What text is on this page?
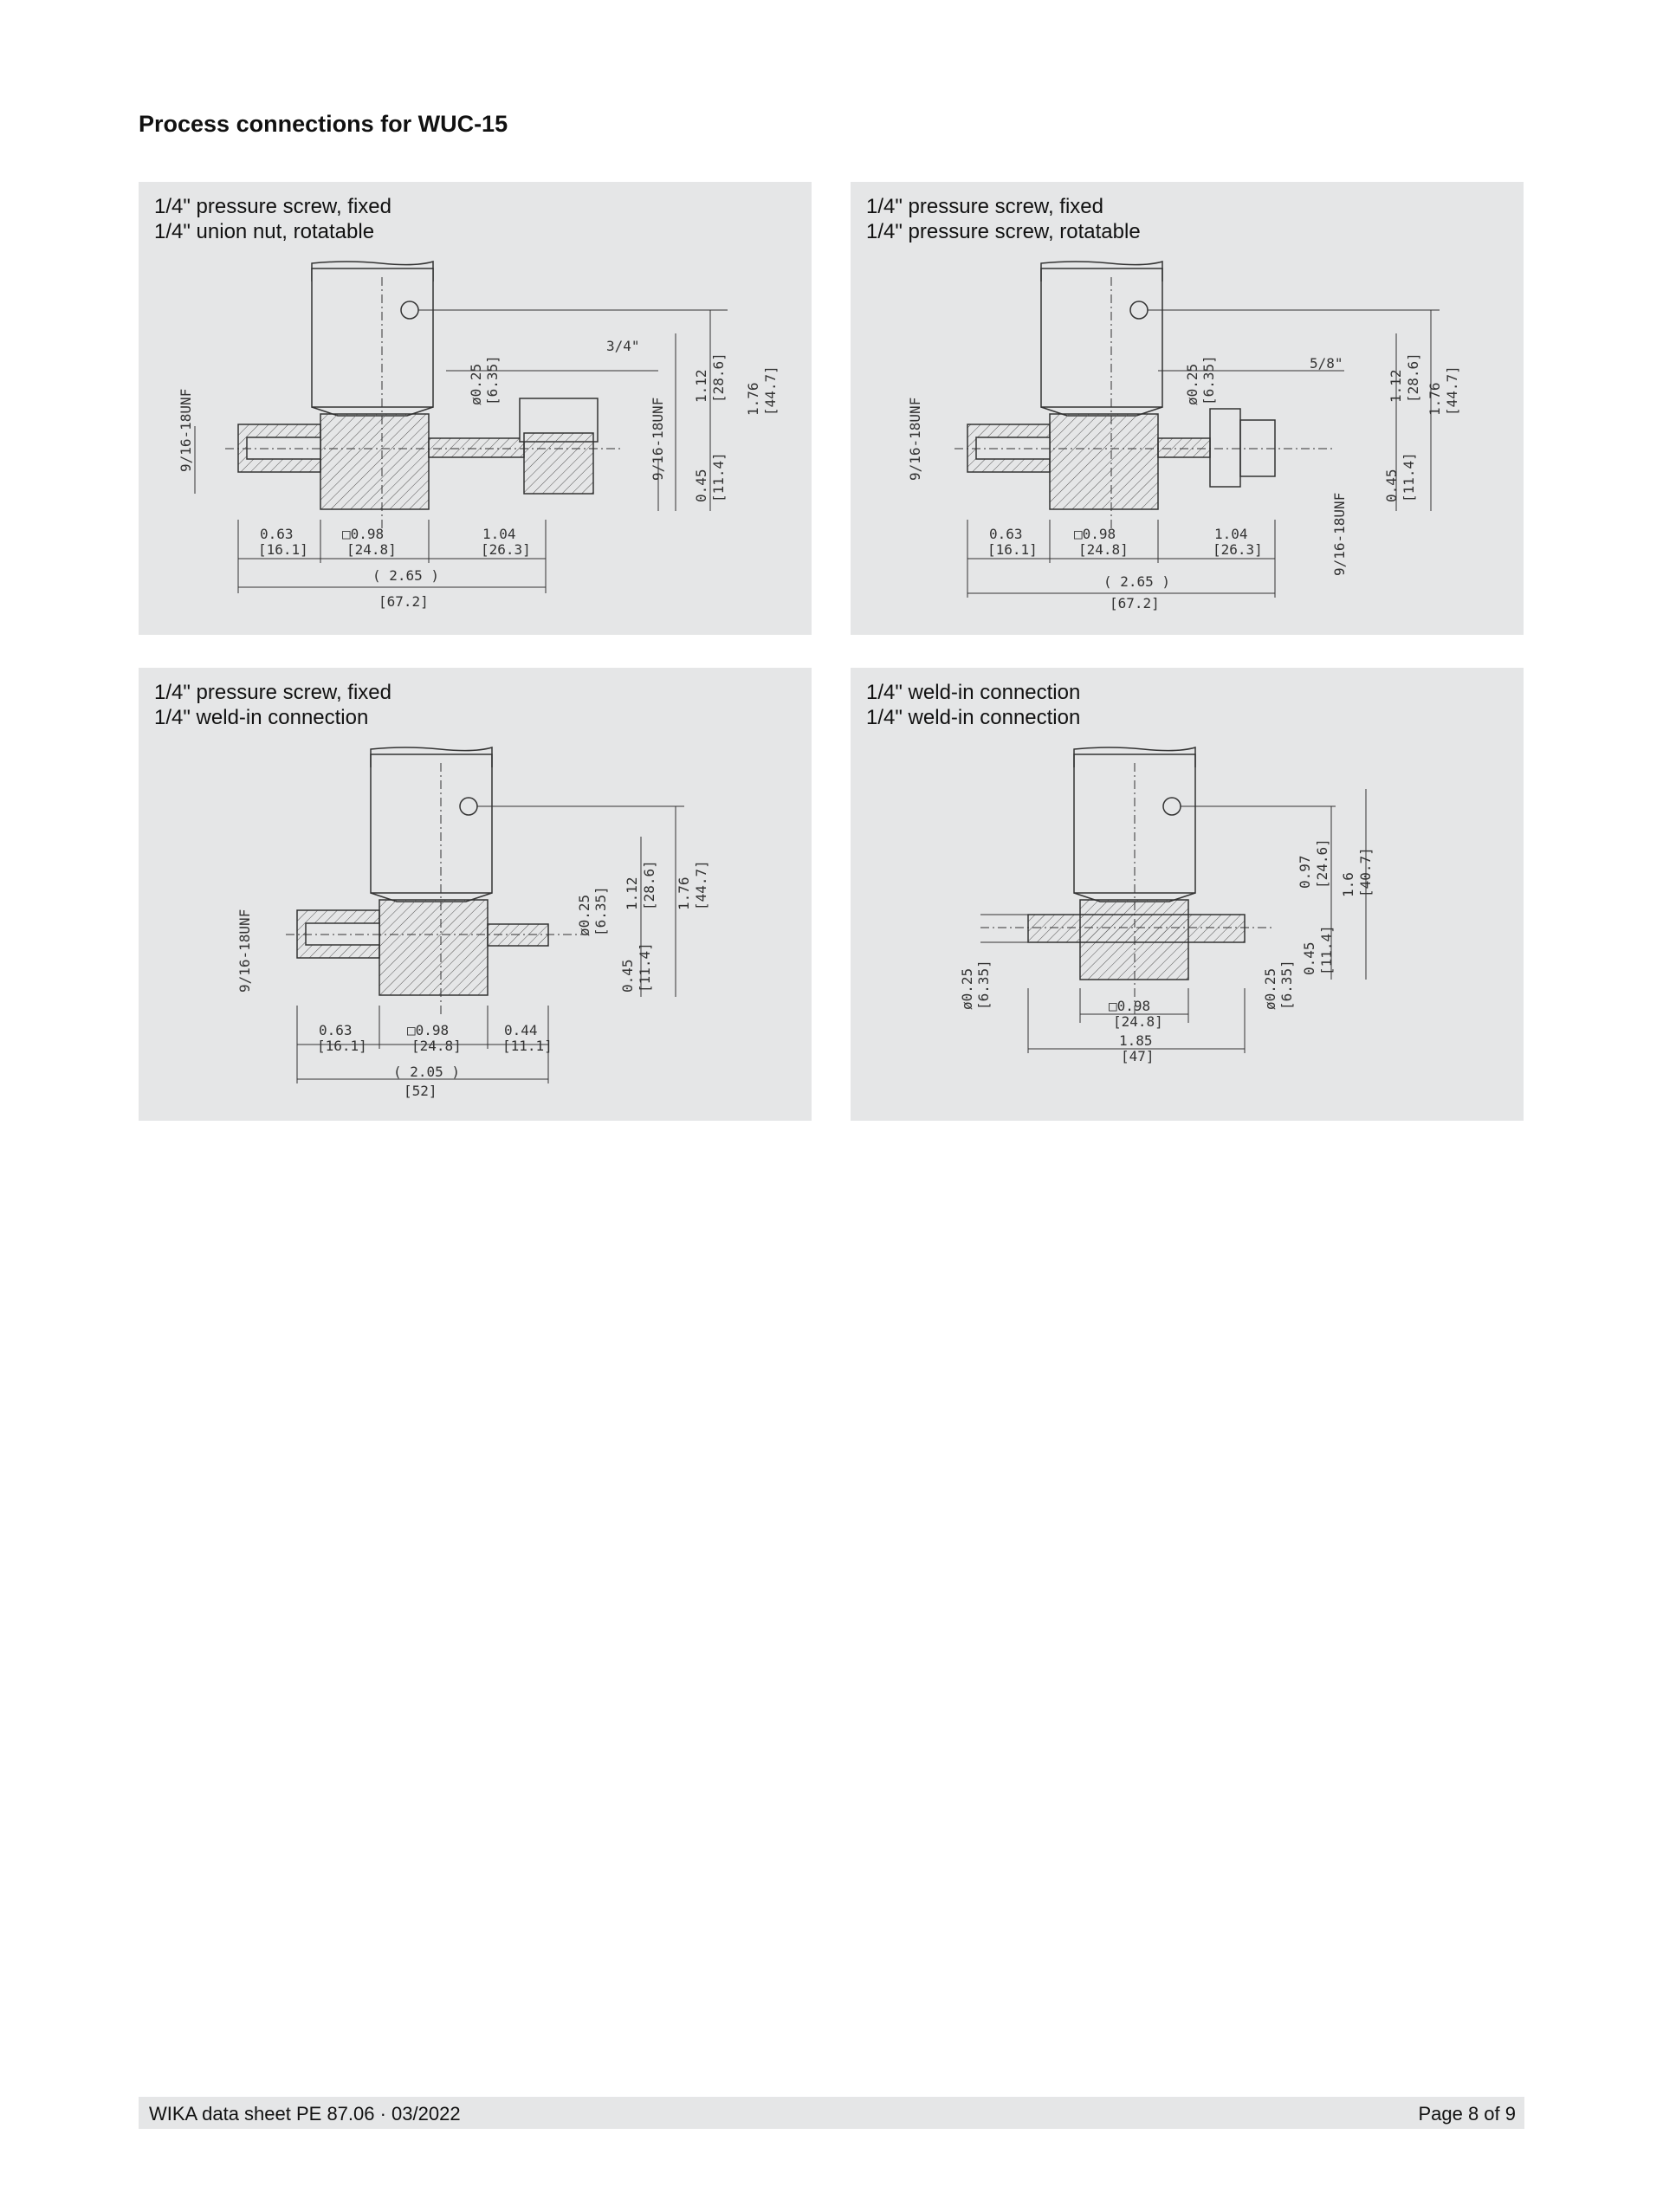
Process connections for WUC-15
1/4" pressure screw, fixed
1/4" union nut, rotatable
9/16-18UNF	9/16-18UNF
3/4"
ø0.25 [6.35]	1.12 [28.6] 1.76 [44.7]
0.45 [11.4]
0.63
[16.1]
□0.98
[24.8]
1.04
[26.3]
( 2.65 )
[67.2]
1/4" pressure screw, fixed
1/4" pressure screw, rotatable
9/16-18UNF
9/16-18UNF
5/8"
ø0.25 [6.35]	1.12 [28.6] 1.76 [44.7]
0.45 [11.4]
0.63
[16.1]
□0.98
[24.8]
1.04
[26.3]
( 2.65 )
[67.2]
1/4" pressure screw, fixed
1/4" weld-in connection
9/16-18UNF	ø0.25 [6.35] 1.12 [28.6] 1.76 [44.7]
0.45 [11.4]
0.63
[16.1]
□0.98
[24.8]
0.44
[11.1]
( 2.05 )
[52]
1/4" weld-in connection
1/4" weld-in connection
ø0.25 [6.35]	ø0.25 [6.35]
0.97 [24.6] 1.6 [40.7]
0.45 [11.4]
□0.98
[24.8]
1.85
[47]
WIKA data sheet PE 87.06 · 03/2022	Page 8 of 9
